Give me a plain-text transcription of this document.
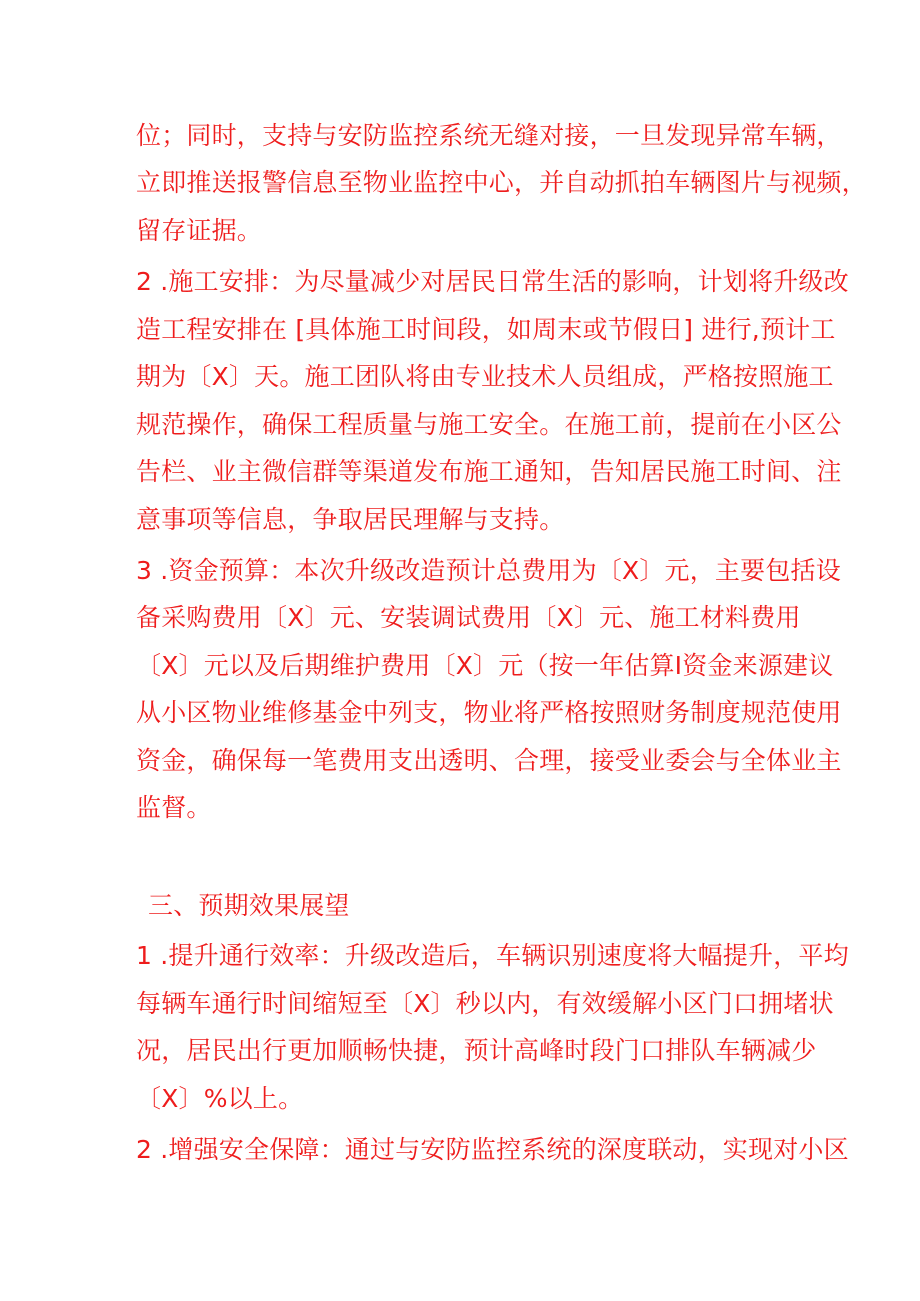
位；同时，支持与安防监控系统无缝对接，一旦发现异常车辆，
立即推送报警信息至物业监控中心，并自动抓拍车辆图片与视频，
留存证据。
2 .施工安排：为尽量减少对居民日常生活的影响，计划将升级改
造工程安排在 [具体施工时间段，如周末或节假日] 进行,预计工
期为〔X〕天。施工团队将由专业技术人员组成，严格按照施工
规范操作，确保工程质量与施工安全。在施工前，提前在小区公
告栏、业主微信群等渠道发布施工通知，告知居民施工时间、注
意事项等信息，争取居民理解与支持。
3 .资金预算：本次升级改造预计总费用为〔X〕元，主要包括设
备采购费用〔X〕元、安装调试费用〔X〕元、施工材料费用
〔X〕元以及后期维护费用〔X〕元（按一年估算I资金来源建议
从小区物业维修基金中列支，物业将严格按照财务制度规范使用
资金，确保每一笔费用支出透明、合理，接受业委会与全体业主
监督。
三、预期效果展望
1 .提升通行效率：升级改造后，车辆识别速度将大幅提升，平均
每辆车通行时间缩短至〔X〕秒以内，有效缓解小区门口拥堵状
况，居民出行更加顺畅快捷，预计高峰时段门口排队车辆减少
〔X〕%以上。
2 .增强安全保障：通过与安防监控系统的深度联动，实现对小区
